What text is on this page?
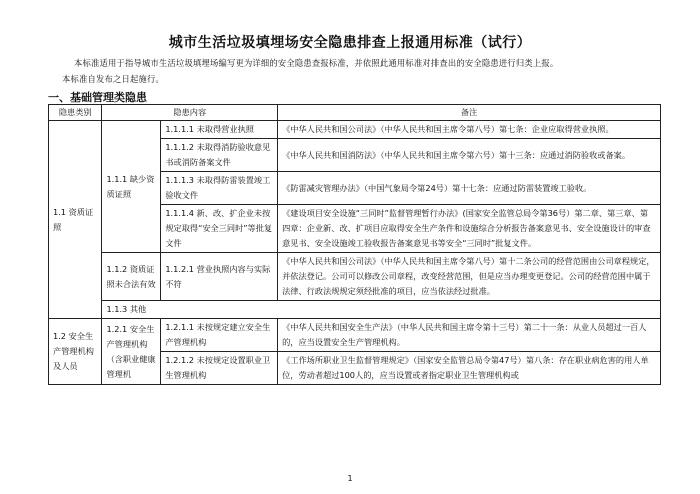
城市生活垃圾填埋场安全隐患排查上报通用标准（试行）
本标准适用于指导城市生活垃圾填埋场编写更为详细的安全隐患查报标准，并依照此通用标准对排查出的安全隐患进行归类上报。
本标准自发布之日起施行。
一、基础管理类隐患
隐患类别	隐患内容		备注
1.1 资质证照	1.1.1 缺少资质证照	1.1.1.1 未取得营业执照	《中华人民共和国公司法》（中华人民共和国主席令第八号）第七条：企业应取得营业执照。
		1.1.1.2 未取得消防验收意见书或消防备案文件	《中华人民共和国消防法》（中华人民共和国主席令第六号）第十三条：应通过消防验收或备案。
		1.1.1.3 未取得防雷装置竣工验收文件	《防雷减灾管理办法》（中国气象局令第24号）第十七条：应通过防雷装置竣工验收。
		1.1.1.4 新、改、扩企业未按规定取得“安全三同时”等批复文件	《建设项目安全设施“三同时”监督管理暂行办法》(国家安全监管总局令第36号）第二章、第三章、第四章：企业新、改、扩项目应取得安全生产条件和设施综合分析报告备案意见书、安全设施设计的审查意见书、安全设施竣工验收报告备案意见书等安全“三同时”批复文件。
	1.1.2 资质证照未合法有效	1.1.2.1 营业执照内容与实际不符	《中华人民共和国公司法》（中华人民共和国主席令第八号）第十二条公司的经营范围由公司章程规定，并依法登记。公司可以修改公司章程，改变经营范围，但是应当办理变更登记。公司的经营范围中属于法律、行政法规规定须经批准的项目，应当依法经过批准。
	1.1.3 其他		
1.2 安全生产管理机构及人员	1.2.1 安全生产管理机构（含职业健康管理机	1.2.1.1 未按规定建立安全生产管理机构	《中华人民共和国安全生产法》（中华人民共和国主席令第十三号）第二十一条：从业人员超过一百人的，应当设置安全生产管理机构。
		1.2.1.2 未按规定设置职业卫生管理机构	《工作场所职业卫生监督管理规定》（国家安全监管总局令第47号）第八条：存在职业病危害的用人单位，劳动者超过100人的，应当设置或者指定职业卫生管理机构或
1
